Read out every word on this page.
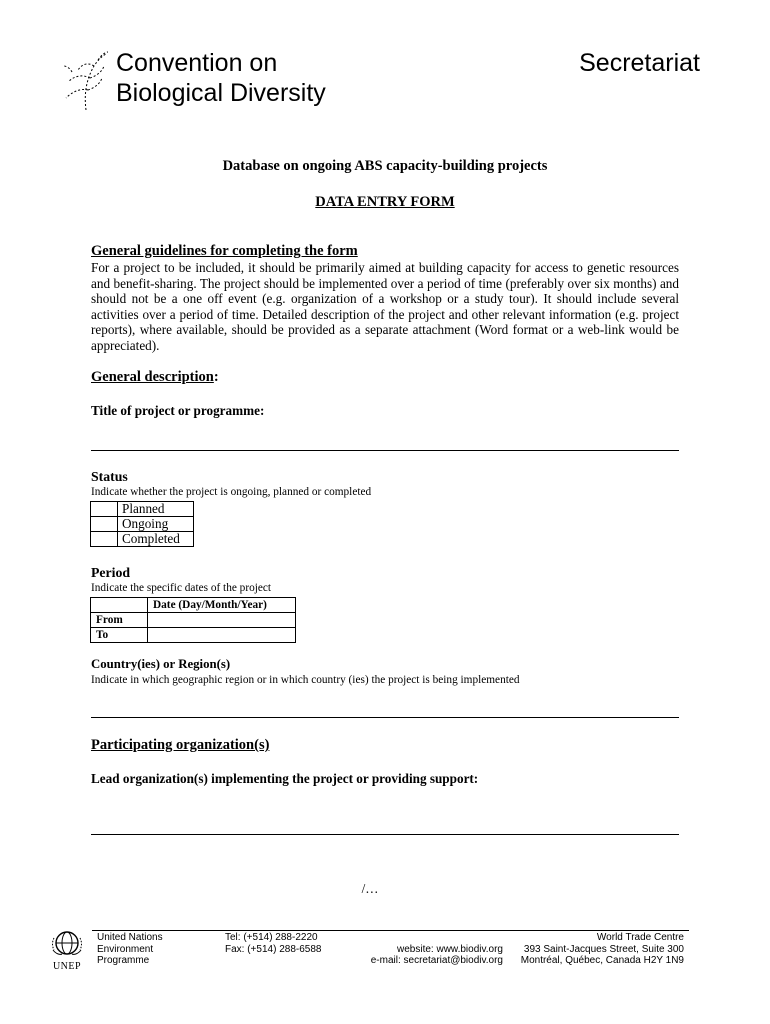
Convention on
Biological Diversity
Secretariat
Database on ongoing ABS capacity-building projects
DATA ENTRY FORM
General guidelines for completing the form
For a project to be included, it should be primarily aimed at building capacity for access to genetic resources and benefit-sharing. The project should be implemented over a period of time (preferably over six months) and should not be a one off event (e.g. organization of a workshop or a study tour). It should include several activities over a period of time. Detailed description of the project and other relevant information (e.g. project reports), where available, should be provided as a separate attachment (Word format or a web-link would be appreciated).
General description:
Title of project or programme:
Status
Indicate whether the project is ongoing, planned or completed
	Planned
	Ongoing
	Completed
Period
Indicate the specific dates of the project
	Date (Day/Month/Year)
From	
To	
Country(ies) or Region(s)
Indicate in which geographic region or in which country (ies) the project is being implemented
Participating organization(s)
Lead organization(s) implementing the project or providing support:
/…
UNEP
United Nations
Environment
Programme
Tel: (+514) 288-2220
Fax: (+514) 288-6588
	website: www.biodiv.org
e-mail: secretariat@biodiv.org
World Trade Centre
393 Saint-Jacques Street, Suite 300
Montréal, Québec, Canada H2Y 1N9
